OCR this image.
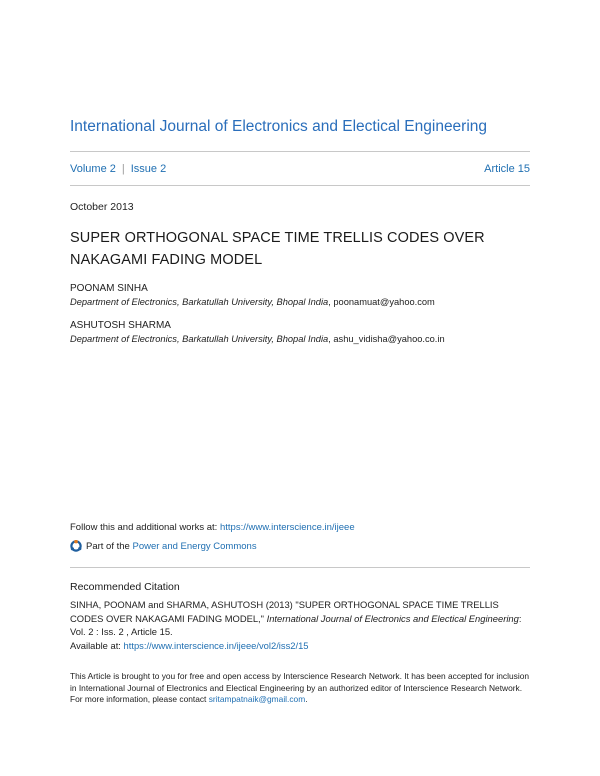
International Journal of Electronics and Electical Engineering
Volume 2 | Issue 2	Article 15
October 2013
SUPER ORTHOGONAL SPACE TIME TRELLIS CODES OVER
NAKAGAMI FADING MODEL
POONAM SINHA
Department of Electronics, Barkatullah University, Bhopal India, poonamuat@yahoo.com
ASHUTOSH SHARMA
Department of Electronics, Barkatullah University, Bhopal India, ashu_vidisha@yahoo.co.in
Follow this and additional works at: https://www.interscience.in/ijeee
Part of the
Power and Energy Commons
Recommended Citation
SINHA, POONAM and SHARMA, ASHUTOSH (2013) "SUPER ORTHOGONAL SPACE TIME TRELLIS CODES OVER NAKAGAMI FADING MODEL," International Journal of Electronics and Electical Engineering: Vol. 2 : Iss. 2 , Article 15.
Available at: https://www.interscience.in/ijeee/vol2/iss2/15
This Article is brought to you for free and open access by Interscience Research Network. It has been accepted for inclusion in International Journal of Electronics and Electical Engineering by an authorized editor of Interscience Research Network. For more information, please contact sritampatnaik@gmail.com.
